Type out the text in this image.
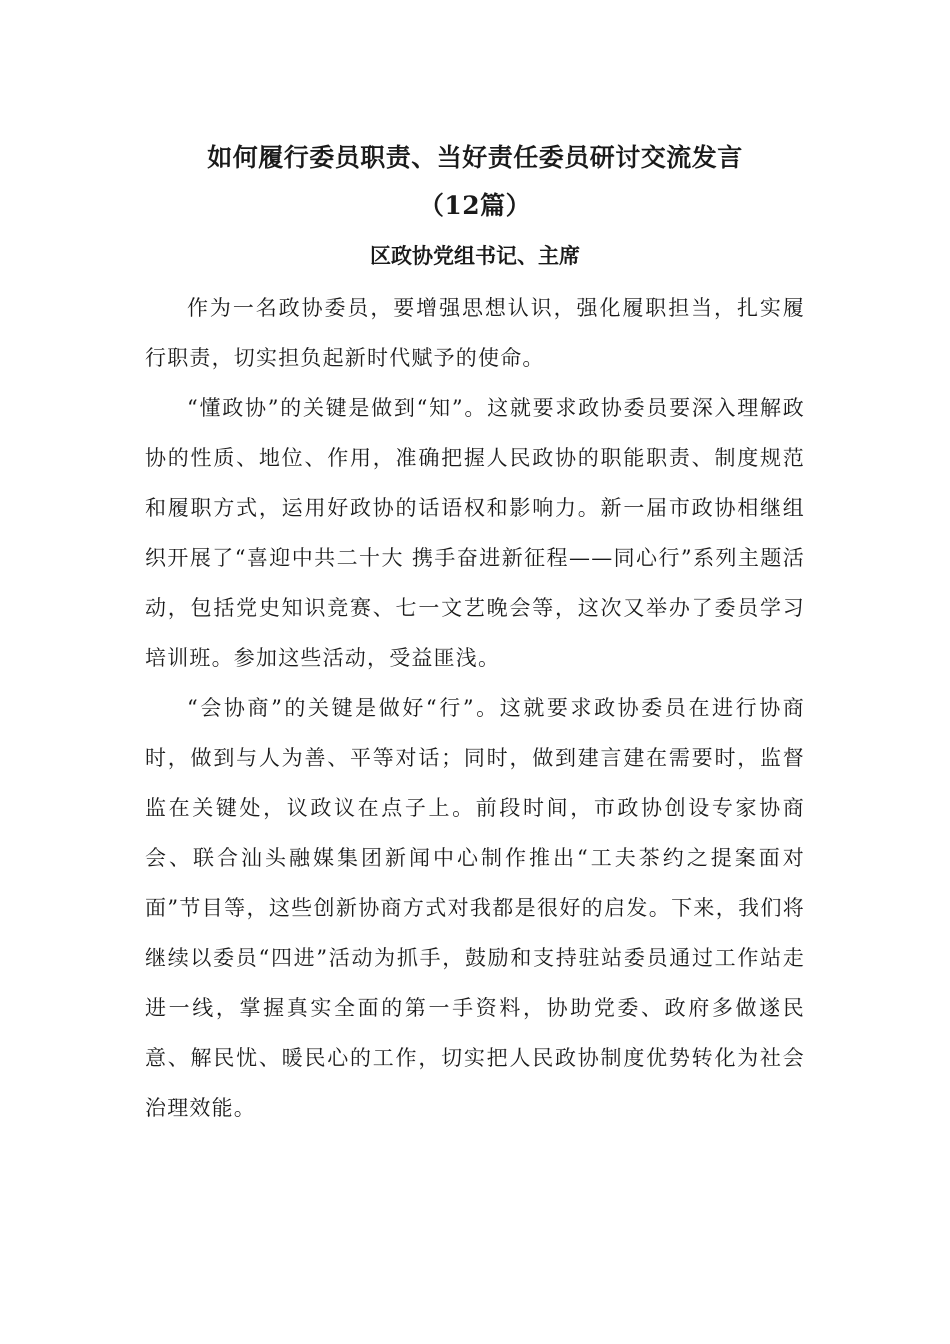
如何履行委员职责、当好责任委员研讨交流发言
（12篇）
区政协党组书记、主席

作为一名政协委员，要增强思想认识，强化履职担当，扎实履行职责，切实担负起新时代赋予的使命。

“懂政协”的关键是做到“知”。这就要求政协委员要深入理解政协的性质、地位、作用，准确把握人民政协的职能职责、制度规范和履职方式，运用好政协的话语权和影响力。新一届市政协相继组织开展了“喜迎中共二十大 携手奋进新征程——同心行”系列主题活动，包括党史知识竞赛、七一文艺晚会等，这次又举办了委员学习培训班。参加这些活动，受益匪浅。

“会协商”的关键是做好“行”。这就要求政协委员在进行协商时，做到与人为善、平等对话；同时，做到建言建在需要时，监督监在关键处，议政议在点子上。前段时间，市政协创设专家协商会、联合汕头融媒集团新闻中心制作推出“工夫茶约之提案面对面”节目等，这些创新协商方式对我都是很好的启发。下来，我们将继续以委员“四进”活动为抓手，鼓励和支持驻站委员通过工作站走进一线，掌握真实全面的第一手资料，协助党委、政府多做遂民意、解民忧、暖民心的工作，切实把人民政协制度优势转化为社会治理效能。
